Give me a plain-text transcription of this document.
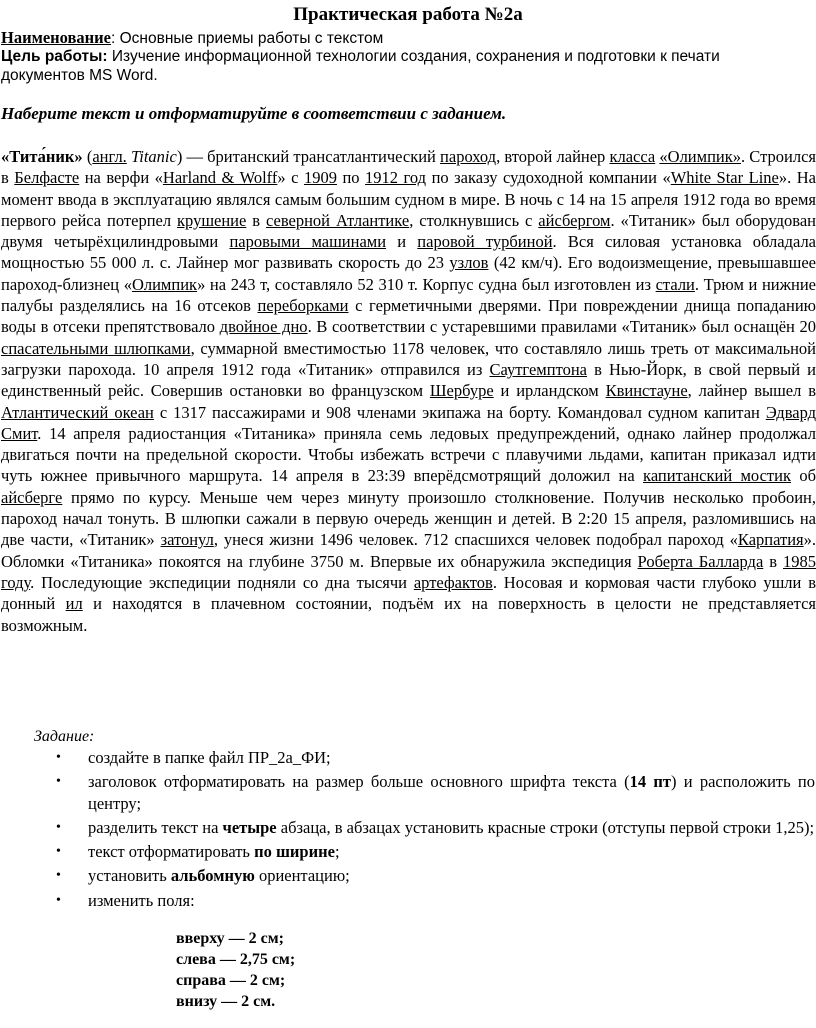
Практическая работа №2а
Наименование: Основные приемы работы с текстом
Цель работы: Изучение информационной технологии создания, сохранения и подготовки к печати
документов MS Word.
Наберите текст и отформатируйте в соответствии с заданием.

«Тита́ник» (англ. Titanic) — британский трансатлантический пароход, второй лайнер класса «Олимпик». Строился в Белфасте на верфи «Harland & Wolff» с 1909 по 1912 год по заказу судоходной компании «White Star Line». На момент ввода в эксплуатацию являлся самым большим судном в мире. В ночь с 14 на 15 апреля 1912 года во время первого рейса потерпел крушение в северной Атлантике, столкнувшись с айсбергом. «Титаник» был оборудован двумя четырёхцилиндровыми паровыми машинами и паровой турбиной. Вся силовая установка обладала мощностью 55 000 л. с. Лайнер мог развивать скорость до 23 узлов (42 км/ч). Его водоизмещение, превышавшее пароход-близнец «Олимпик» на 243 т, составляло 52 310 т. Корпус судна был изготовлен из стали. Трюм и нижние палубы разделялись на 16 отсеков переборками с герметичными дверями. При повреждении днища попаданию воды в отсеки препятствовало двойное дно. В соответствии с устаревшими правилами «Титаник» был оснащён 20 спасательными шлюпками, суммарной вместимостью 1178 человек, что составляло лишь треть от максимальной загрузки парохода. 10 апреля 1912 года «Титаник» отправился из Саутгемптона в Нью-Йорк, в свой первый и единственный рейс. Совершив остановки во французском Шербуре и ирландском Квинстауне, лайнер вышел в Атлантический океан с 1317 пассажирами и 908 членами экипажа на борту. Командовал судном капитан Эдвард Смит. 14 апреля радиостанция «Титаника» приняла семь ледовых предупреждений, однако лайнер продолжал двигаться почти на предельной скорости. Чтобы избежать встречи с плавучими льдами, капитан приказал идти чуть южнее привычного маршрута. 14 апреля в 23:39 вперёдсмотрящий доложил на капитанский мостик об айсберге прямо по курсу. Меньше чем через минуту произошло столкновение. Получив несколько пробоин, пароход начал тонуть. В шлюпки сажали в первую очередь женщин и детей. В 2:20 15 апреля, разломившись на две части, «Титаник» затонул, унеся жизни 1496 человек. 712 спасшихся человек подобрал пароход «Карпатия».

Обломки «Титаника» покоятся на глубине 3750 м. Впервые их обнаружила экспедиция Роберта Балларда в 1985 году. Последующие экспедиции подняли со дна тысячи артефактов. Носовая и кормовая части глубоко ушли в донный ил и находятся в плачевном состоянии, подъём их на поверхность в целости не представляется возможным.

Задание:
• создайте в папке файл ПР_2а_ФИ;
• заголовок отформатировать на размер больше основного шрифта текста (14 пт) и расположить по центру;
• разделить текст на четыре абзаца, в абзацах установить красные строки (отступы первой строки 1,25);
• текст отформатировать по ширине;
• установить альбомную ориентацию;
• изменить поля:
вверху — 2 см;
слева — 2,75 см;
справа — 2 см;
внизу — 2 см.
